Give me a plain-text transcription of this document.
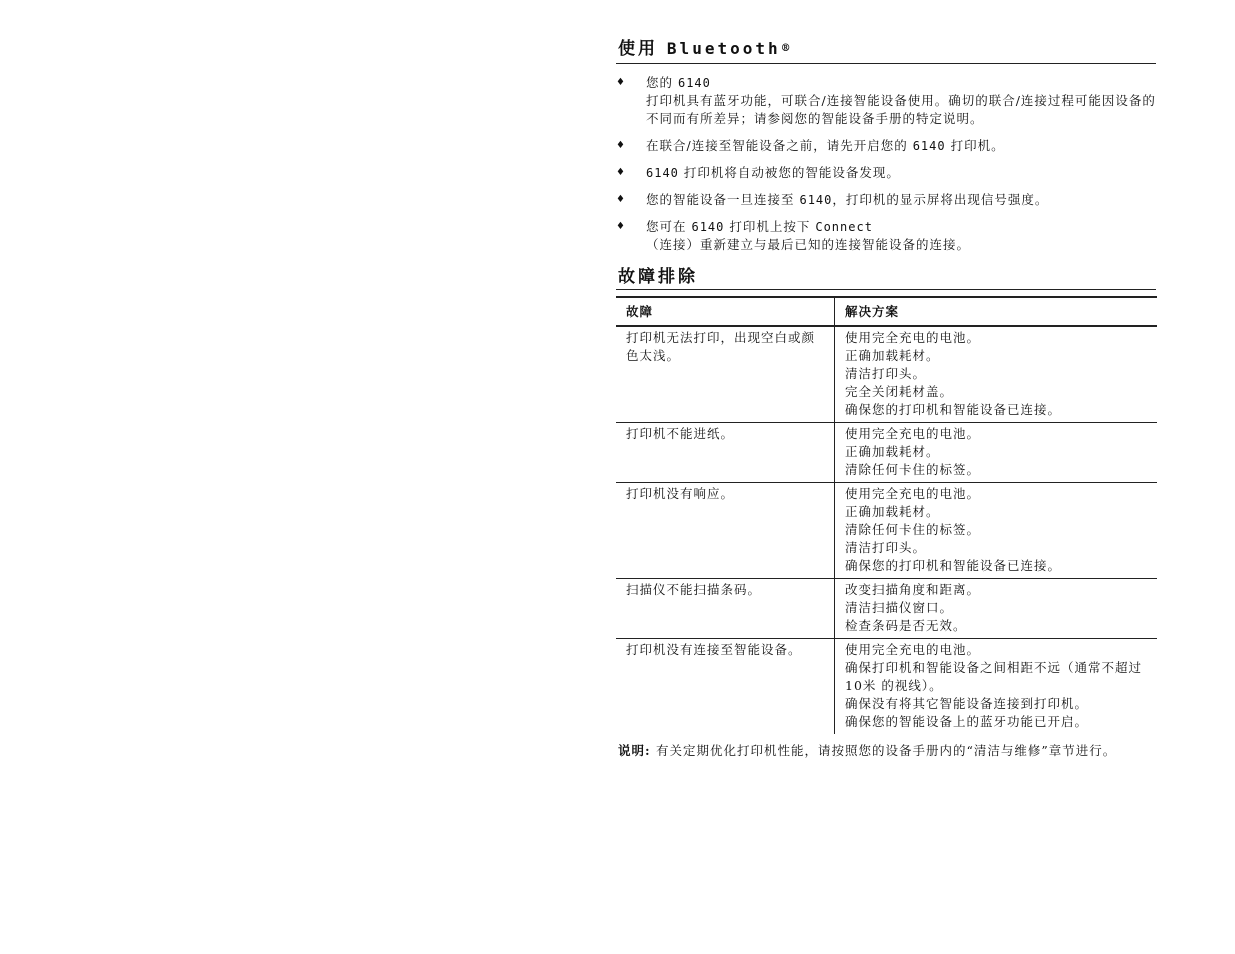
使用 Bluetooth®
♦ 您的 6140
打印机具有蓝牙功能，可联合/连接智能设备使用。确切的联合/连接过程可能因设备的不同而有所差异；请参阅您的智能设备手册的特定说明。
♦ 在联合/连接至智能设备之前，请先开启您的 6140 打印机。
♦ 6140 打印机将自动被您的智能设备发现。
♦ 您的智能设备一旦连接至 6140，打印机的显示屏将出现信号强度。
♦ 您可在 6140 打印机上按下 Connect
（连接）重新建立与最后已知的连接智能设备的连接。
故障排除
故障	解决方案
打印机无法打印，出现空白或颜色太浅。	使用完全充电的电池。
正确加载耗材。
清洁打印头。
完全关闭耗材盖。
确保您的打印机和智能设备已连接。

打印机不能进纸。	使用完全充电的电池。
正确加载耗材。
清除任何卡住的标签。

打印机没有响应。	使用完全充电的电池。
正确加载耗材。
清除任何卡住的标签。
清洁打印头。
确保您的打印机和智能设备已连接。

扫描仪不能扫描条码。	改变扫描角度和距离。
清洁扫描仪窗口。
检查条码是否无效。

打印机没有连接至智能设备。	使用完全充电的电池。
确保打印机和智能设备之间相距不远（通常不超过 10米 的视线）。
确保没有将其它智能设备连接到打印机。
确保您的智能设备上的蓝牙功能已开启。
说明: 有关定期优化打印机性能，请按照您的设备手册内的“清洁与维修”章节进行。
